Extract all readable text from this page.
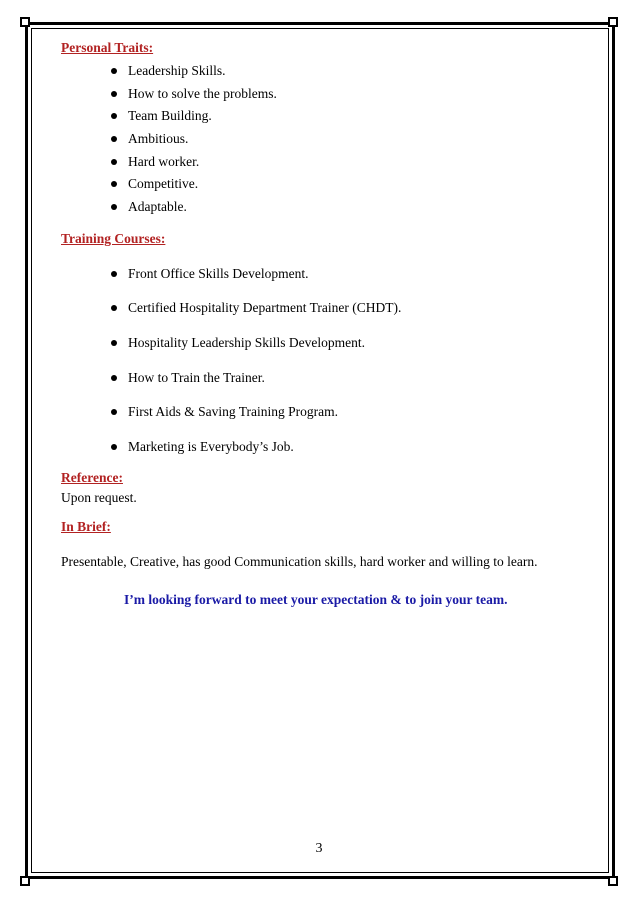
Personal Traits:

Leadership Skills.
How to solve the problems.
Team Building.
Ambitious.
Hard worker.
Competitive.
Adaptable.

Training Courses:

Front Office Skills Development.
Certified Hospitality Department Trainer (CHDT).
Hospitality Leadership Skills Development.
How to Train the Trainer.
First Aids & Saving Training Program.
Marketing is Everybody’s Job.

Reference:

Upon request.

In Brief:

Presentable, Creative, has good Communication skills, hard worker and willing to learn.

I’m looking forward to meet your expectation & to join your team.

3
